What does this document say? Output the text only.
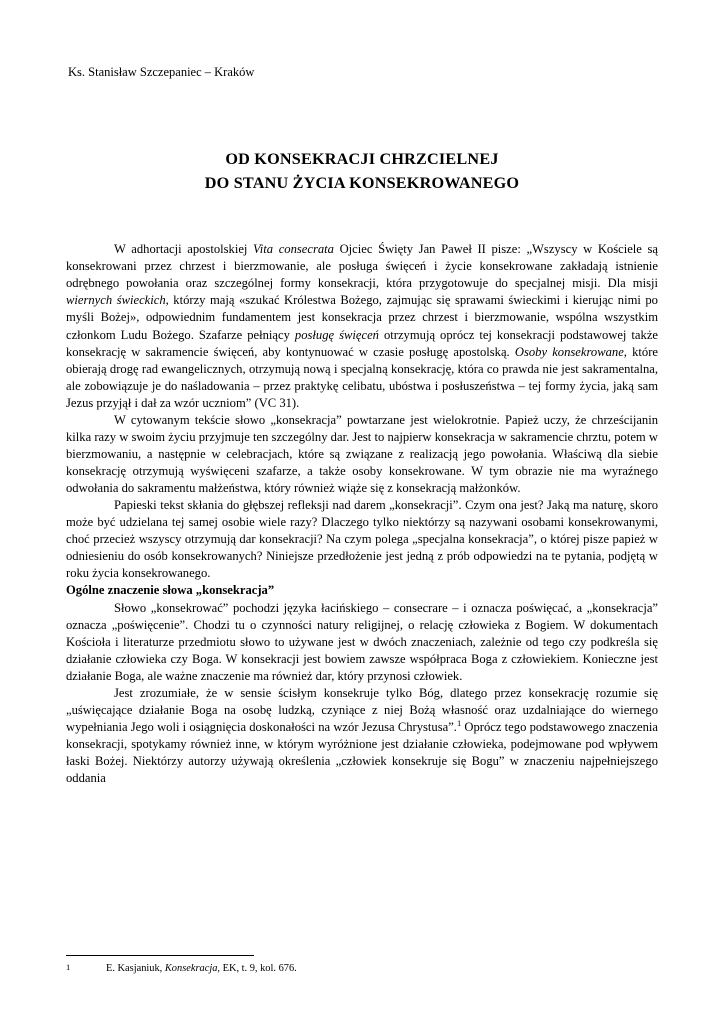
Ks. Stanisław Szczepaniec – Kraków
OD KONSEKRACJI CHRZCIELNEJ
DO STANU ŻYCIA KONSEKROWANEGO

W adhortacji apostolskiej Vita consecrata Ojciec Święty Jan Paweł II pisze: „Wszyscy w Kościele są konsekrowani przez chrzest i bierzmowanie, ale posługa święceń i życie konsekrowane zakładają istnienie odrębnego powołania oraz szczególnej formy konsekracji, która przygotowuje do specjalnej misji. Dla misji wiernych świeckich, którzy mają «szukać Królestwa Bożego, zajmując się sprawami świeckimi i kierując nimi po myśli Bożej», odpowiednim fundamentem jest konsekracja przez chrzest i bierzmowanie, wspólna wszystkim członkom Ludu Bożego. Szafarze pełniący posługę święceń otrzymują oprócz tej konsekracji podstawowej także konsekrację w sakramencie święceń, aby kontynuować w czasie posługę apostolską. Osoby konsekrowane, które obierają drogę rad ewangelicznych, otrzymują nową i specjalną konsekrację, która co prawda nie jest sakramentalna, ale zobowiązuje je do naśladowania – przez praktykę celibatu, ubóstwa i posłuszeństwa – tej formy życia, jaką sam Jezus przyjął i dał za wzór uczniom” (VC 31).

W cytowanym tekście słowo „konsekracja” powtarzane jest wielokrotnie. Papież uczy, że chrześcijanin kilka razy w swoim życiu przyjmuje ten szczególny dar. Jest to najpierw konsekracja w sakramencie chrztu, potem w bierzmowaniu, a następnie w celebracjach, które są związane z realizacją jego powołania. Właściwą dla siebie konsekrację otrzymują wyświęceni szafarze, a także osoby konsekrowane. W tym obrazie nie ma wyraźnego odwołania do sakramentu małżeństwa, który również wiąże się z konsekracją małżonków.

Papieski tekst skłania do głębszej refleksji nad darem „konsekracji”. Czym ona jest? Jaką ma naturę, skoro może być udzielana tej samej osobie wiele razy? Dlaczego tylko niektórzy są nazywani osobami konsekrowanymi, choć przecież wszyscy otrzymują dar konsekracji? Na czym polega „specjalna konsekracja”, o której pisze papież w odniesieniu do osób konsekrowanych? Niniejsze przedłożenie jest jedną z prób odpowiedzi na te pytania, podjętą w roku życia konsekrowanego.

Ogólne znaczenie słowa „konsekracja”

Słowo „konsekrować” pochodzi języka łacińskiego – consecrare – i oznacza poświęcać, a „konsekracja” oznacza „poświęcenie”. Chodzi tu o czynności natury religijnej, o relację człowieka z Bogiem. W dokumentach Kościoła i literaturze przedmiotu słowo to używane jest w dwóch znaczeniach, zależnie od tego czy podkreśla się działanie człowieka czy Boga. W konsekracji jest bowiem zawsze współpraca Boga z człowiekiem. Konieczne jest działanie Boga, ale ważne znaczenie ma również dar, który przynosi człowiek.

Jest zrozumiałe, że w sensie ścisłym konsekruje tylko Bóg, dlatego przez konsekrację rozumie się „uświęcające działanie Boga na osobę ludzką, czyniące z niej Bożą własność oraz uzdalniające do wiernego wypełniania Jego woli i osiągnięcia doskonałości na wzór Jezusa Chrystusa”.$^1$ Oprócz tego podstawowego znaczenia konsekracji, spotykamy również inne, w którym wyróżnione jest działanie człowieka, podejmowane pod wpływem łaski Bożej. Niektórzy autorzy używają określenia „człowiek konsekruje się Bogu” w znaczeniu najpełniejszego oddania

1	E. Kasjaniuk, Konsekracja, EK, t. 9, kol. 676.
